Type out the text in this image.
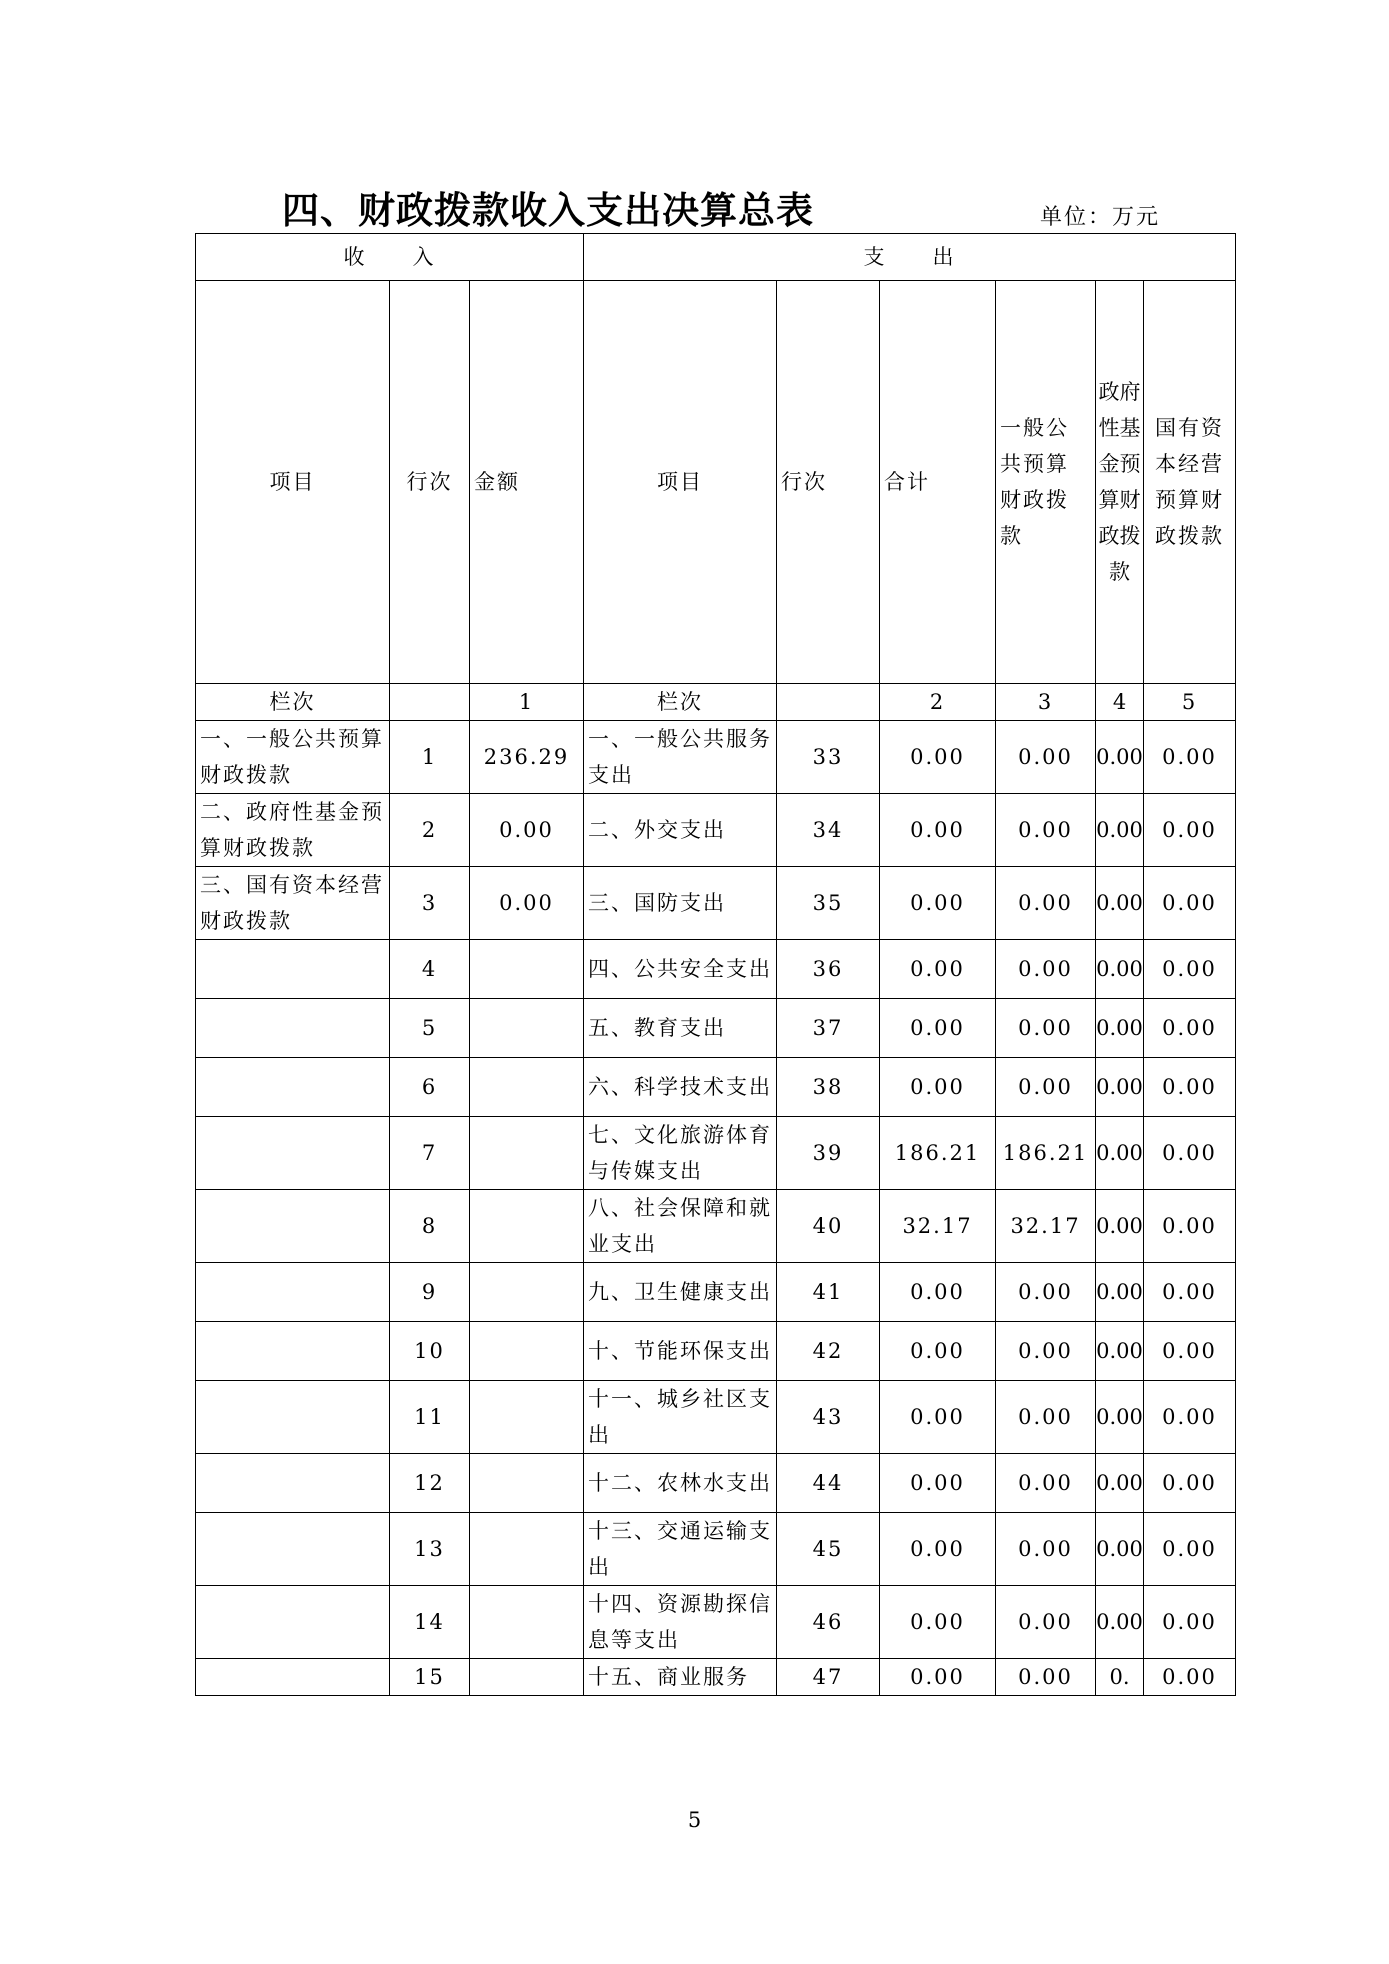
四、财政拨款收入支出决算总表	单位：万元
收　　入			支　　出					
项目	行次	金额	项目	行次	合计	一般公共预算财政拨款	政府性基金预算财政拨款	国有资本经营预算财政拨款
栏次		1	栏次		2	3	4	5
一、一般公共预算财政拨款	1	236.29	一、一般公共服务支出	33	0.00	0.00	0.00	0.00
二、政府性基金预算财政拨款	2	0.00	二、外交支出	34	0.00	0.00	0.00	0.00
三、国有资本经营财政拨款	3	0.00	三、国防支出	35	0.00	0.00	0.00	0.00
	4		四、公共安全支出	36	0.00	0.00	0.00	0.00
	5		五、教育支出	37	0.00	0.00	0.00	0.00
	6		六、科学技术支出	38	0.00	0.00	0.00	0.00
	7		七、文化旅游体育与传媒支出	39	186.21	186.21	0.00	0.00
	8		八、社会保障和就业支出	40	32.17	32.17	0.00	0.00
	9		九、卫生健康支出	41	0.00	0.00	0.00	0.00
	10		十、节能环保支出	42	0.00	0.00	0.00	0.00
	11		十一、城乡社区支出	43	0.00	0.00	0.00	0.00
	12		十二、农林水支出	44	0.00	0.00	0.00	0.00
	13		十三、交通运输支出	45	0.00	0.00	0.00	0.00
	14		十四、资源勘探信息等支出	46	0.00	0.00	0.00	0.00
	15		十五、商业服务	47	0.00	0.00	0.	0.00
5
